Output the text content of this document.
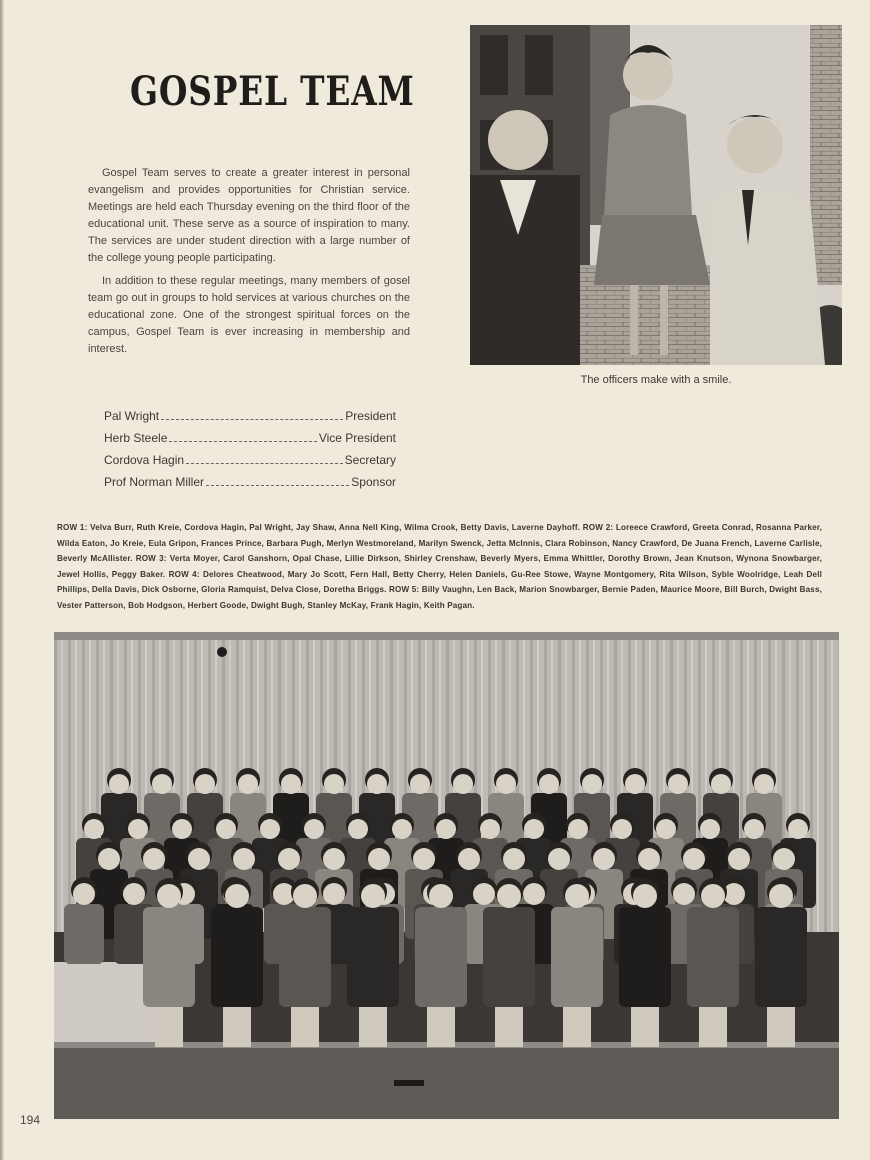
GOSPEL TEAM

Gospel Team serves to create a greater interest in personal evangelism and provides opportunities for Christian service. Meetings are held each Thursday evening on the third floor of the educational unit. These serve as a source of inspiration to many. The services are under student direction with a large number of the college young people participating.

In addition to these regular meetings, many members of gosel team go out in groups to hold services at various churches on the educational zone. One of the strongest spiritual forces on the campus, Gospel Team is ever increasing in membership and interest.

The officers make with a smile.
Pal Wright	President
Herb Steele	Vice President
Cordova Hagin	Secretary
Prof Norman Miller	Sponsor
ROW 1: Velva Burr, Ruth Kreie, Cordova Hagin, Pal Wright, Jay Shaw, Anna Nell King, Wilma Crook, Betty Davis, Laverne Dayhoff. ROW 2: Loreece Crawford, Greeta Conrad, Rosanna Parker, Wilda Eaton, Jo Kreie, Eula Gripon, Frances Prince, Barbara Pugh, Merlyn Westmoreland, Marilyn Swenck, Jetta McInnis, Clara Robinson, Nancy Crawford, De Juana French, Laverne Carlisle, Beverly McAllister. ROW 3: Verta Moyer, Carol Ganshorn, Opal Chase, Lillie Dirkson, Shirley Crenshaw, Beverly Myers, Emma Whittler, Dorothy Brown, Jean Knutson, Wynona Snowbarger, Jewel Hollis, Peggy Baker. ROW 4: Delores Cheatwood, Mary Jo Scott, Fern Hall, Betty Cherry, Helen Daniels, Gu-Ree Stowe, Wayne Montgomery, Rita Wilson, Syble Woolridge, Leah Dell Phillips, Della Davis, Dick Osborne, Gloria Ramquist, Delva Close, Doretha Briggs. ROW 5: Billy Vaughn, Len Back, Marion Snowbarger, Bernie Paden, Maurice Moore, Bill Burch, Dwight Bass, Vester Patterson, Bob Hodgson, Herbert Goode, Dwight Bugh, Stanley McKay, Frank Hagin, Keith Pagan.
194
